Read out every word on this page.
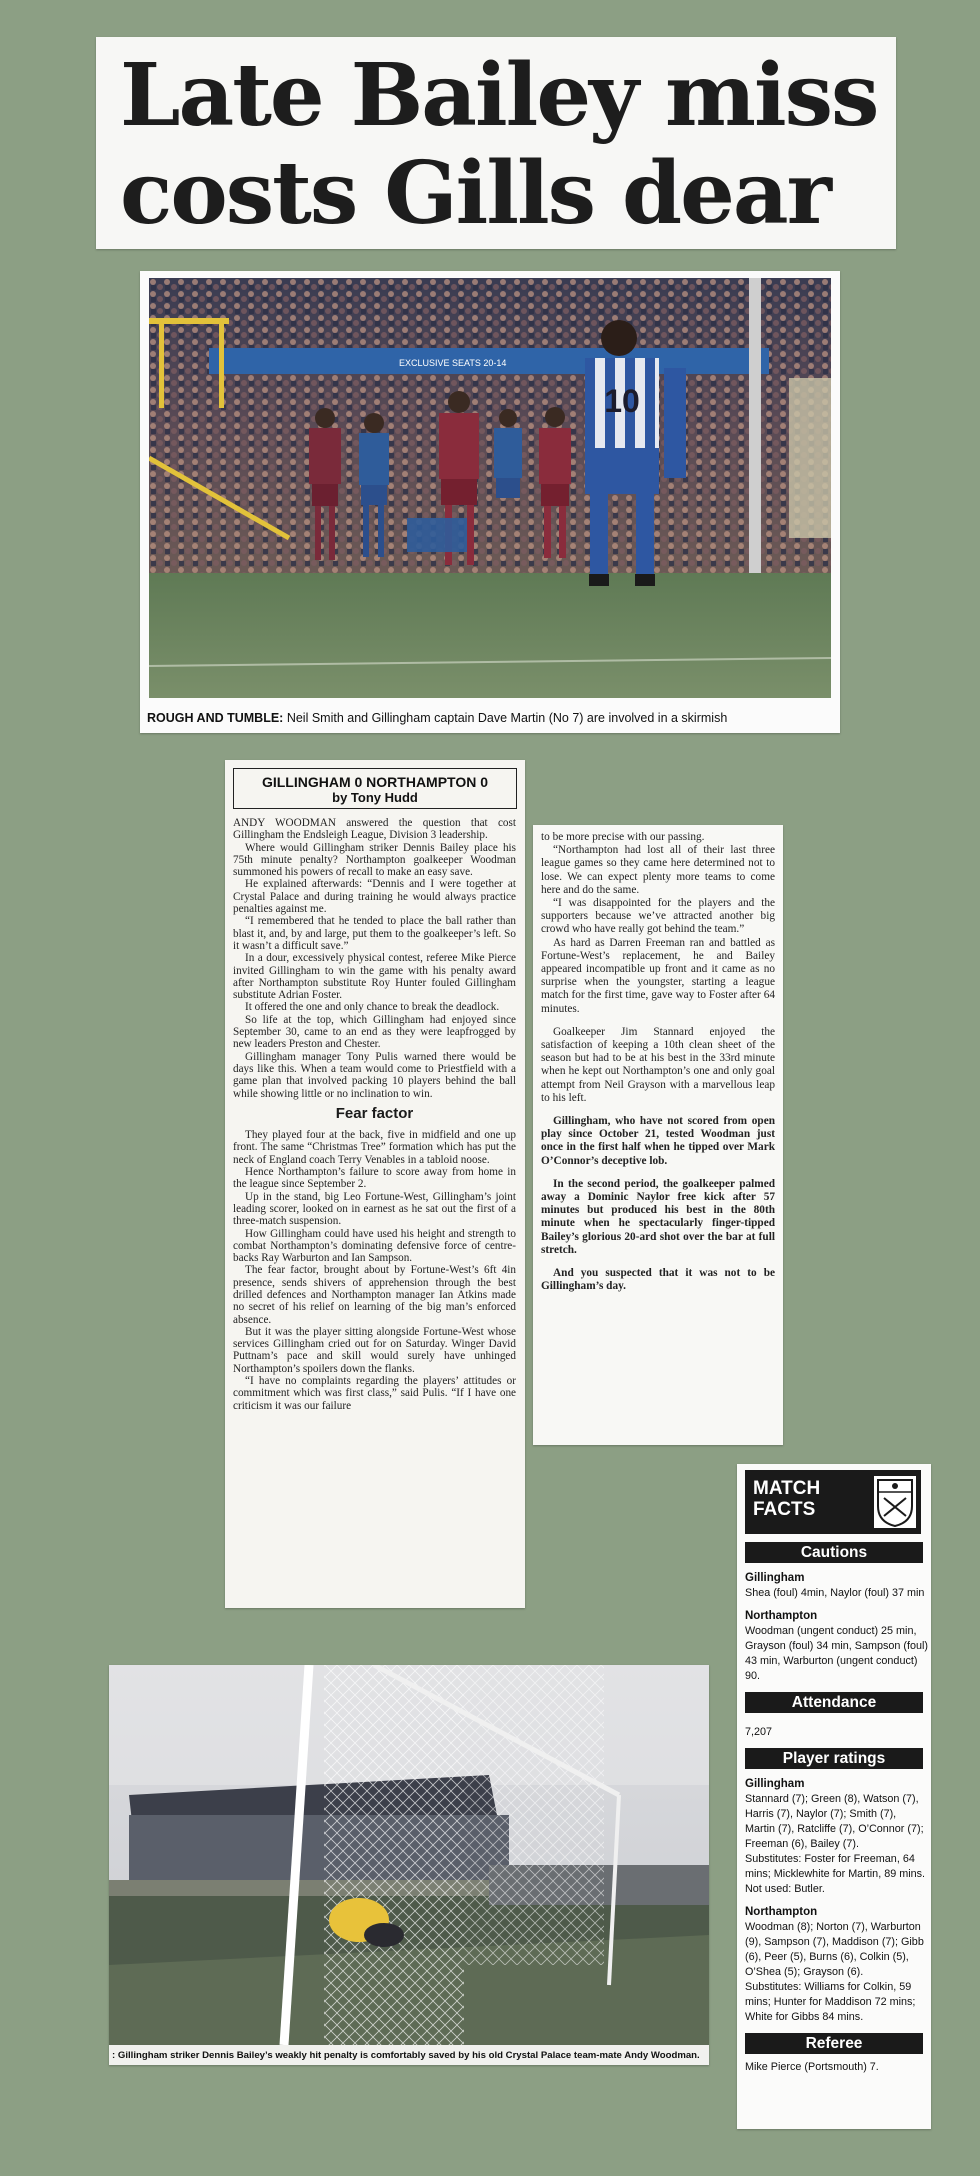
Late Bailey miss
costs Gills dear
EXCLUSIVE SEATS 20-14
10
ROUGH AND TUMBLE: Neil Smith and Gillingham captain Dave Martin (No 7) are involved in a skirmish
GILLINGHAM 0 NORTHAMPTON 0
by Tony Hudd

ANDY WOODMAN answered the question that cost Gillingham the Endsleigh League, Division 3 leadership.

Where would Gillingham striker Dennis Bailey place his 75th minute penalty? Northampton goalkeeper Woodman summoned his powers of recall to make an easy save.

He explained afterwards: “Dennis and I were together at Crystal Palace and during training he would always practice penalties against me.

“I remembered that he tended to place the ball rather than blast it, and, by and large, put them to the goalkeeper’s left. So it wasn’t a difficult save.”

In a dour, excessively physical contest, referee Mike Pierce invited Gillingham to win the game with his penalty award after Northampton substitute Roy Hunter fouled Gillingham substitute Adrian Foster.

It offered the one and only chance to break the deadlock.

So life at the top, which Gillingham had enjoyed since September 30, came to an end as they were leapfrogged by new leaders Preston and Chester.

Gillingham manager Tony Pulis warned there would be days like this. When a team would come to Priestfield with a game plan that involved packing 10 players behind the ball while showing little or no inclination to win.

Fear factor

They played four at the back, five in midfield and one up front. The same “Christmas Tree” formation which has put the neck of England coach Terry Venables in a tabloid noose.

Hence Northampton’s failure to score away from home in the league since September 2.

Up in the stand, big Leo Fortune-West, Gillingham’s joint leading scorer, looked on in earnest as he sat out the first of a three-match suspension.

How Gillingham could have used his height and strength to combat Northampton’s dominating defensive force of centre-backs Ray Warburton and Ian Sampson.

The fear factor, brought about by Fortune-West’s 6ft 4in presence, sends shivers of apprehension through the best drilled defences and Northampton manager Ian Atkins made no secret of his relief on learning of the big man’s enforced absence.

But it was the player sitting alongside Fortune-West whose services Gillingham cried out for on Saturday. Winger David Puttnam’s pace and skill would surely have unhinged Northampton’s spoilers down the flanks.

“I have no complaints regarding the players’ attitudes or commitment which was first class,” said Pulis. “If I have one criticism it was our failure

to be more precise with our passing.

“Northampton had lost all of their last three league games so they came here determined not to lose. We can expect plenty more teams to come here and do the same.

“I was disappointed for the players and the supporters because we’ve attracted another big crowd who have really got behind the team.”

As hard as Darren Freeman ran and battled as Fortune-West’s replacement, he and Bailey appeared incompatible up front and it came as no surprise when the youngster, starting a league match for the first time, gave way to Foster after 64 minutes.

Goalkeeper Jim Stannard enjoyed the satisfaction of keeping a 10th clean sheet of the season but had to be at his best in the 33rd minute when he kept out Northampton’s one and only goal attempt from Neil Grayson with a marvellous leap to his left.

Gillingham, who have not scored from open play since October 21, tested Woodman just once in the first half when he tipped over Mark O’Connor’s deceptive lob.

In the second period, the goalkeeper palmed away a Dominic Naylor free kick after 57 minutes but produced his best in the 80th minute when he spectacularly finger-tipped Bailey’s glorious 20-ard shot over the bar at full stretch.

And you suspected that it was not to be Gillingham’s day.

: Gillingham striker Dennis Bailey’s weakly hit penalty is comfortably saved by his old Crystal Palace team-mate Andy Woodman.
MATCH
FACTS
Cautions
Gillingham
Shea (foul) 4min, Naylor (foul) 37 min
Northampton
Woodman (ungent conduct) 25 min, Grayson (foul) 34 min, Sampson (foul) 43 min, Warburton (ungent conduct) 90.
Attendance
7,207
Player ratings
Gillingham
Stannard (7); Green (8), Watson (7), Harris (7), Naylor (7); Smith (7), Martin (7), Ratcliffe (7), O’Connor (7); Freeman (6), Bailey (7).
Substitutes: Foster for Freeman, 64 mins; Micklewhite for Martin, 89 mins. Not used: Butler.
Northampton
Woodman (8); Norton (7), Warburton (9), Sampson (7), Maddison (7); Gibb (6), Peer (5), Burns (6), Colkin (5), O’Shea (5); Grayson (6).
Substitutes: Williams for Colkin, 59 mins; Hunter for Maddison 72 mins; White for Gibbs 84 mins.
Referee
Mike Pierce (Portsmouth) 7.
